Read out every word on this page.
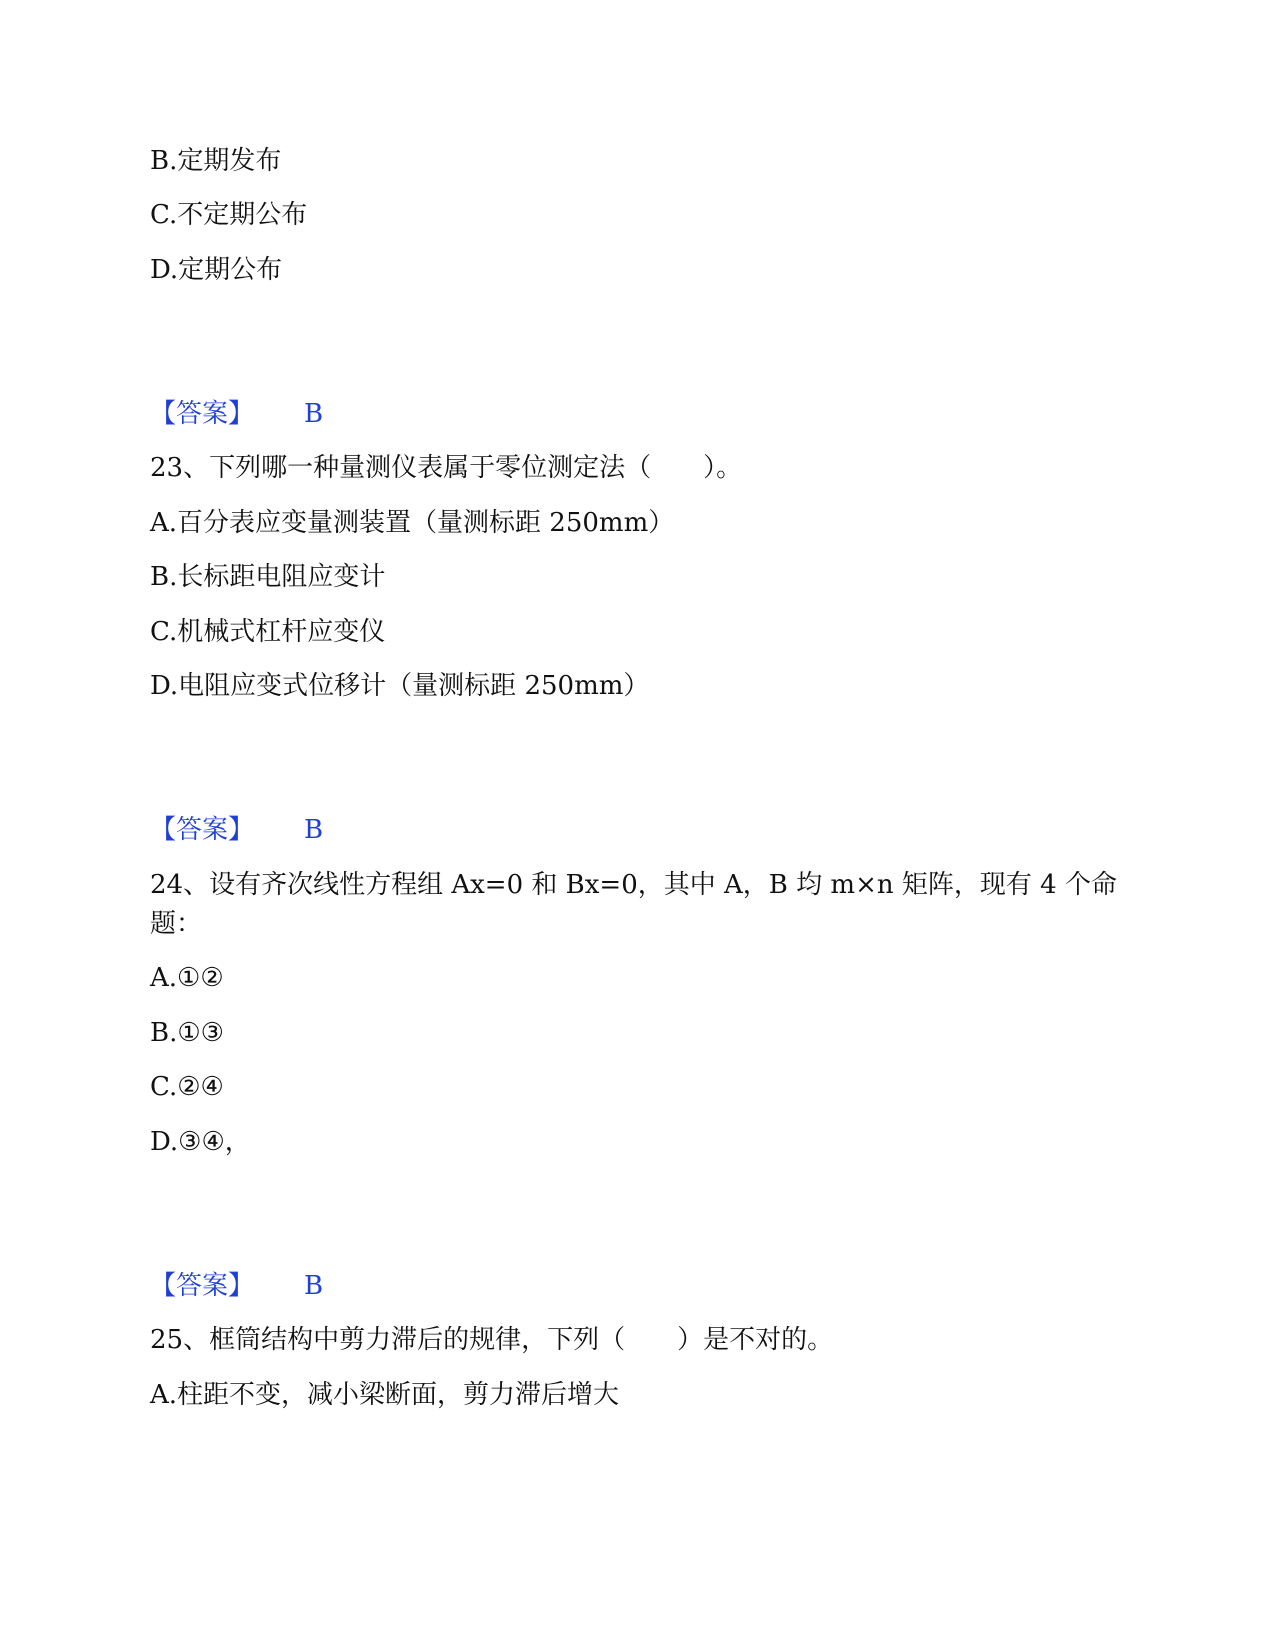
B.定期发布
C.不定期公布
D.定期公布
【答案】 B
23、下列哪一种量测仪表属于零位测定法（　　）。
A.百分表应变量测装置（量测标距 250mm）
B.长标距电阻应变计
C.机械式杠杆应变仪
D.电阻应变式位移计（量测标距 250mm）
【答案】 B
24、设有齐次线性方程组 Ax=0 和 Bx=0，其中 A，B 均 m×n 矩阵，现有 4 个命
题：
A.①②
B.①③
C.②④
D.③④，
【答案】 B
25、框筒结构中剪力滞后的规律，下列（　　）是不对的。
A.柱距不变，减小梁断面，剪力滞后增大
